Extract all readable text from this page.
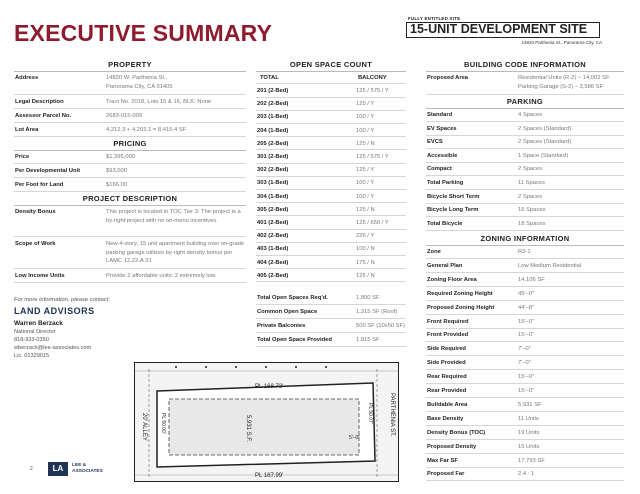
EXECUTIVE SUMMARY
FULLY ENTITLED SITE
15-UNIT DEVELOPMENT SITE
14820 Parthenia St., Panorama City, CA
PROPERTY
Address	14820 W. Parthenia St.,
Panorama City, CA 91405
Legal Description	Tract No. 2018, Lots 15 & 16, BLK: None
Assessor Parcel No.	2683-015-009
Lot Area	4,212.3 + 4,203.1 = 8,415.4 SF
PRICING
Price	$1,395,000
Per Developmental Unit	$93,000
Per Foot for Land	$166.00
PROJECT DESCRIPTION
Density Bonus	This project is located in TOC Tier 3. The project is a by-right project with no on-menu incentives.
Scope of Work	New 4-story, 15 unit apartment building over on-grade parking garage utilizes by-right density bonus per LAMC 12.22.A.31
Low Income Units	Provide 2 affordable units: 2 extremely low.
For more information, please contact:
LAND ADVISORS
Warren Berzack
National Director
818-933-0350
wberzack@lee-associates.com
Lic. 01329015
2	LA	LEE &
ASSOCIATES
OPEN SPACE COUNT
TOTAL	BALCONY
201 (2-Bed)	125 / 575 / Y
202 (2-Bed)	125 / Y
203 (1-Bed)	100 / Y
204 (1-Bed)	100 / Y
205 (2-Bed)	125 / N
301 (2-Bed)	125 / 575 / Y
302 (2-Bed)	125 / Y
303 (1-Bed)	100 / Y
304 (1-Bed)	100 / Y
305 (2-Bed)	125 / N
401 (2-Bed)	125 / 650 / Y
402 (2-Bed)	226 / Y
403 (1-Bed)	100 / N
404 (2-Bed)	175 / N
405 (2-Bed)	125 / N
Total Open Spaces Req'd.	1,800 SF
Common Open Space	1,315 SF (Roof)
Private Balconies	500 SF (10x50 SF)
Total Open Space Provided	1,815 SF
BUILDING CODE INFORMATION
Proposed Area	Residential Units (R-2) – 14,002 SF
Parking Garage (S-2) – 3,586 SF
PARKING
Standard	4 Spaces
EV Spaces	2 Spaces (Standard)
EVCS	2 Spaces (Standard)
Accessible	1 Space (Standard)
Compact	2 Spaces
Total Parking	11 Spaces
Bicycle Short Term	2 Spaces
Bicycle Long Term	16 Spaces
Total Bicycle	18 Spaces
ZONING INFORMATION
Zone	R3-1
General Plan	Low Medium Residential
Zoning Floor Area	14,106 SF
Required Zoning Height	45'–0"
Proposed Zoning Height	44'–8"
Front Required	15'–0"
Front Provided	15'–0"
Side Required	7'–0"
Side Provided	7'–0"
Rear Required	15'–0"
Rear Provided	15'–0"
Buildable Area	5,931 SF
Base Density	11 Units
Density Bonus (TOC)	19 Units
Proposed Density	15 Units
Max Far SF	17,793 SF
Proposed Far	2.4 : 1
PL 168.73'
PL 167.99'
5,931 S.F.
20' ALLEY	PL 50.00'	PARTHENIA ST.
PL 50.07'
5'–0"
